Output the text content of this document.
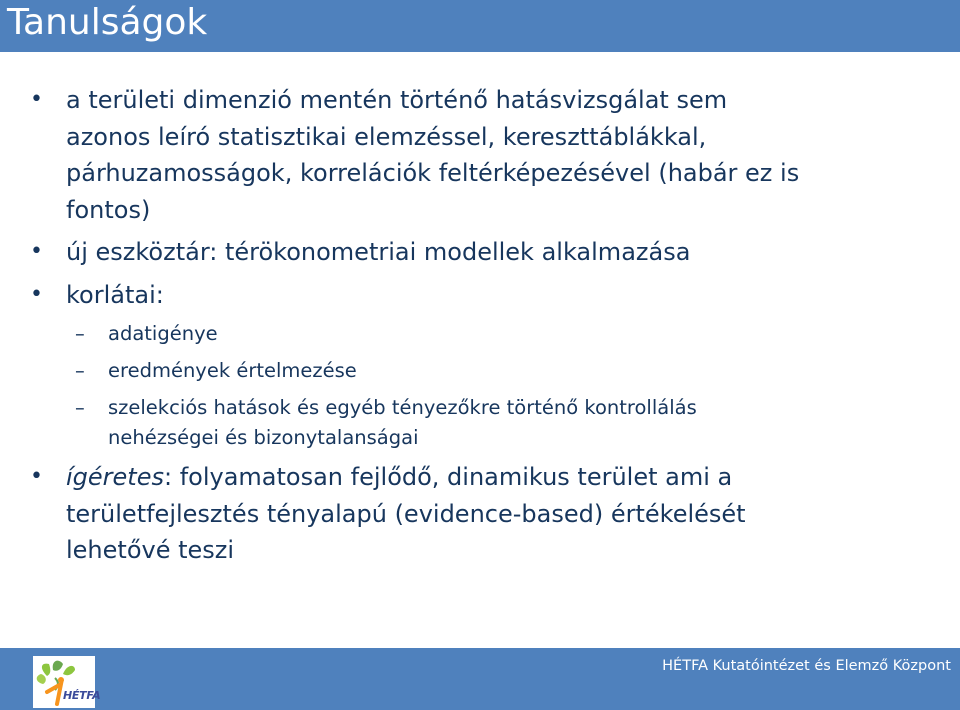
Tanulságok
• a területi dimenzió mentén történő hatásvizsgálat sem
azonos leíró statisztikai elemzéssel, kereszttáblákkal,
párhuzamosságok, korrelációk feltérképezésével (habár ez is
fontos)
• új eszköztár: térökonometriai modellek alkalmazása
• korlátai:
– adatigénye
– eredmények értelmezése
– szelekciós hatások és egyéb tényezőkre történő kontrollálás
nehézségei és bizonytalanságai
• ígéretes: folyamatosan fejlődő, dinamikus terület ami a
területfejlesztés tényalapú (evidence-based) értékelését
lehetővé teszi
HÉTFA
HÉTFA Kutatóintézet és Elemző Központ
